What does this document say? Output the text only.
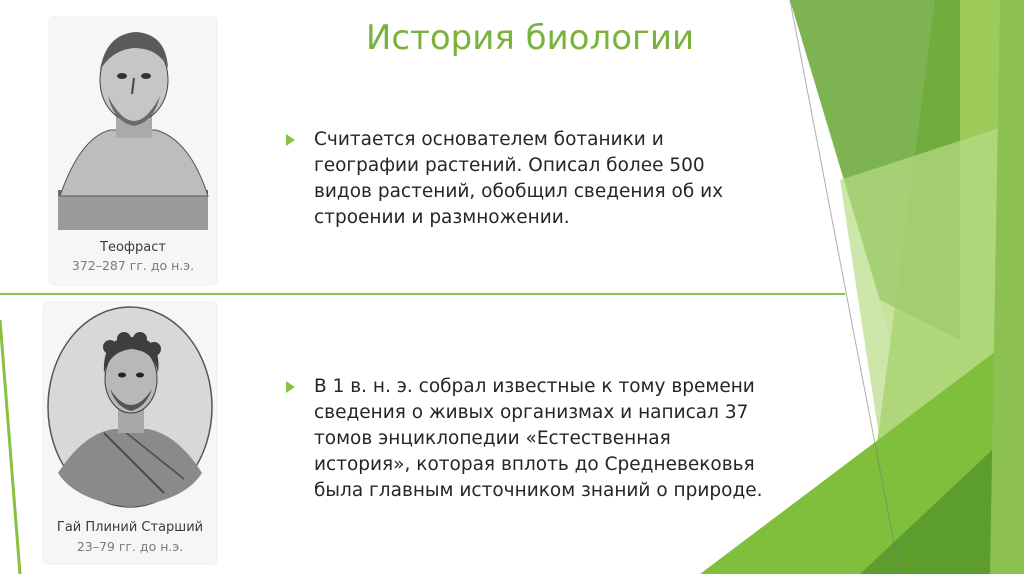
История биологии
Считается основателем ботаники и географии растений. Описал более 500 видов растений, обобщил сведения об их строении и размножении.
В 1 в. н. э. собрал известные к тому времени сведения о живых организмах и написал 37 томов энциклопедии «Естественная история», которая вплоть до Средневековья была главным источником знаний о природе.
Теофраст
372–287 гг. до н.э.
Гай Плиний Старший
23–79 гг. до н.э.
